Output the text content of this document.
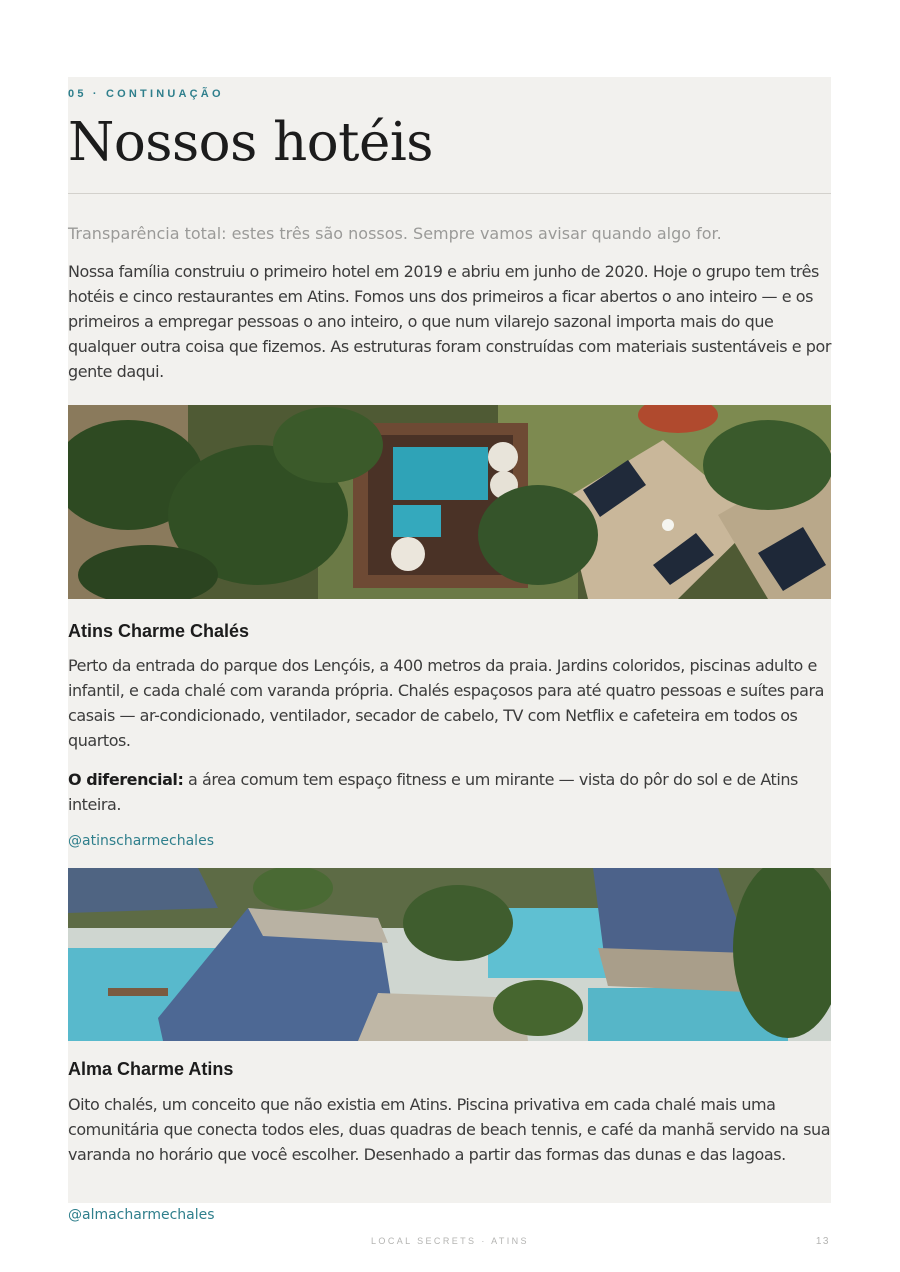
05 · CONTINUAÇÃO
Nossos hotéis

Transparência total: estes três são nossos. Sempre vamos avisar quando algo for.

Nossa família construiu o primeiro hotel em 2019 e abriu em junho de 2020. Hoje o grupo tem três hotéis e cinco restaurantes em Atins. Fomos uns dos primeiros a ficar abertos o ano inteiro — e os primeiros a empregar pessoas o ano inteiro, o que num vilarejo sazonal importa mais do que qualquer outra coisa que fizemos. As estruturas foram construídas com materiais sustentáveis e por gente daqui.

Atins Charme Chalés

Perto da entrada do parque dos Lençóis, a 400 metros da praia. Jardins coloridos, piscinas adulto e infantil, e cada chalé com varanda própria. Chalés espaçosos para até quatro pessoas e suítes para casais — ar-condicionado, ventilador, secador de cabelo, TV com Netflix e cafeteira em todos os quartos.

O diferencial: a área comum tem espaço fitness e um mirante — vista do pôr do sol e de Atins inteira.

@atinscharmechales
Alma Charme Atins

Oito chalés, um conceito que não existia em Atins. Piscina privativa em cada chalé mais uma comunitária que conecta todos eles, duas quadras de beach tennis, e café da manhã servido na sua varanda no horário que você escolher. Desenhado a partir das formas das dunas e das lagoas.

@almacharmechales
LOCAL SECRETS · ATINS	13
